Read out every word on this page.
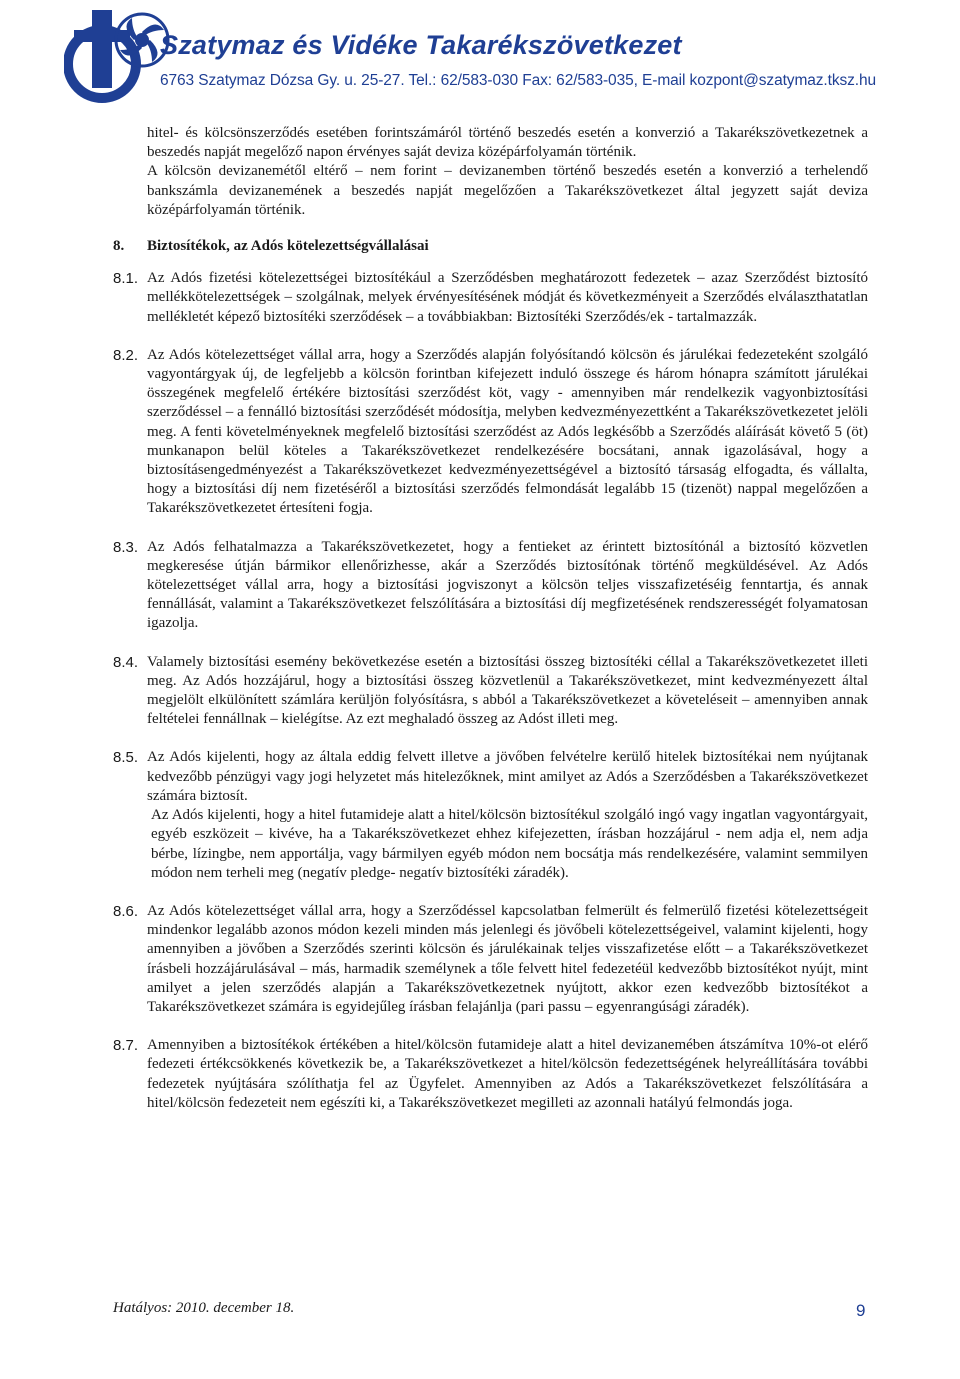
Szatymaz és Vidéke Takarékszövetkezet
6763 Szatymaz Dózsa Gy. u. 25-27. Tel.: 62/583-030 Fax: 62/583-035, E-mail kozpont@szatymaz.tksz.hu

hitel- és kölcsönszerződés esetében forintszámáról történő beszedés esetén a konverzió a Takarékszövetkezetnek a beszedés napját megelőző napon érvényes saját deviza középárfolyamán történik.

A kölcsön devizanemétől eltérő – nem forint – devizanemben történő beszedés esetén a konverzió a terhelendő bankszámla devizanemének a beszedés napját megelőzően a Takarékszövetkezet által jegyzett saját deviza középárfolyamán történik.

8. Biztosítékok, az Adós kötelezettségvállalásai
8.1. Az Adós fizetési kötelezettségei biztosítékául a Szerződésben meghatározott fedezetek – azaz Szerződést biztosító mellékkötelezettségek – szolgálnak, melyek érvényesítésének módját és következményeit a Szerződés elválaszthatatlan mellékletét képező biztosítéki szerződések – a továbbiakban: Biztosítéki Szerződés/ek - tartalmazzák.

8.2. Az Adós kötelezettséget vállal arra, hogy a Szerződés alapján folyósítandó kölcsön és járulékai fedezeteként szolgáló vagyontárgyak új, de legfeljebb a kölcsön forintban kifejezett induló összege és három hónapra számított járulékai összegének megfelelő értékére biztosítási szerződést köt, vagy - amennyiben már rendelkezik vagyonbiztosítási szerződéssel – a fennálló biztosítási szerződését módosítja, melyben kedvezményezettként a Takarékszövetkezetet jelöli meg. A fenti követelményeknek megfelelő biztosítási szerződést az Adós legkésőbb a Szerződés aláírását követő 5 (öt) munkanapon belül köteles a Takarékszövetkezet rendelkezésére bocsátani, annak igazolásával, hogy a biztosításengedményezést a Takarékszövetkezet kedvezményezettségével a biztosító társaság elfogadta, és vállalta, hogy a biztosítási díj nem fizetéséről a biztosítási szerződés felmondását legalább 15 (tizenöt) nappal megelőzően a Takarékszövetkezetet értesíteni fogja.

8.3. Az Adós felhatalmazza a Takarékszövetkezetet, hogy a fentieket az érintett biztosítónál a biztosító közvetlen megkeresése útján bármikor ellenőrizhesse, akár a Szerződés biztosítónak történő megküldésével. Az Adós kötelezettséget vállal arra, hogy a biztosítási jogviszonyt a kölcsön teljes visszafizetéséig fenntartja, és annak fennállását, valamint a Takarékszövetkezet felszólítására a biztosítási díj megfizetésének rendszerességét folyamatosan igazolja.

8.4. Valamely biztosítási esemény bekövetkezése esetén a biztosítási összeg biztosítéki céllal a Takarékszövetkezetet illeti meg. Az Adós hozzájárul, hogy a biztosítási összeg közvetlenül a Takarékszövetkezet, mint kedvezményezett által megjelölt elkülönített számlára kerüljön folyósításra, s abból a Takarékszövetkezet a követeléseit – amennyiben annak feltételei fennállnak – kielégítse. Az ezt meghaladó összeg az Adóst illeti meg.

8.5. Az Adós kijelenti, hogy az általa eddig felvett illetve a jövőben felvételre kerülő hitelek biztosítékai nem nyújtanak kedvezőbb pénzügyi vagy jogi helyzetet más hitelezőknek, mint amilyet az Adós a Szerződésben a Takarékszövetkezet számára biztosít.

Az Adós kijelenti, hogy a hitel futamideje alatt a hitel/kölcsön biztosítékul szolgáló ingó vagy ingatlan vagyontárgyait, egyéb eszközeit – kivéve, ha a Takarékszövetkezet ehhez kifejezetten, írásban hozzájárul - nem adja el, nem adja bérbe, lízingbe, nem apportálja, vagy bármilyen egyéb módon nem bocsátja más rendelkezésére, valamint semmilyen módon nem terheli meg (negatív pledge- negatív biztosítéki záradék).

8.6. Az Adós kötelezettséget vállal arra, hogy a Szerződéssel kapcsolatban felmerült és felmerülő fizetési kötelezettségeit mindenkor legalább azonos módon kezeli minden más jelenlegi és jövőbeli kötelezettségeivel, valamint kijelenti, hogy amennyiben a jövőben a Szerződés szerinti kölcsön és járulékainak teljes visszafizetése előtt – a Takarékszövetkezet írásbeli hozzájárulásával – más, harmadik személynek a tőle felvett hitel fedezetéül kedvezőbb biztosítékot nyújt, mint amilyet a jelen szerződés alapján a Takarékszövetkezetnek nyújtott, akkor ezen kedvezőbb biztosítékot a Takarékszövetkezet számára is egyidejűleg írásban felajánlja (pari passu – egyenrangúsági záradék).

8.7. Amennyiben a biztosítékok értékében a hitel/kölcsön futamideje alatt a hitel devizanemében átszámítva 10%-ot elérő fedezeti értékcsökkenés következik be, a Takarékszövetkezet a hitel/kölcsön fedezettségének helyreállítására további fedezetek nyújtására szólíthatja fel az Ügyfelet. Amennyiben az Adós a Takarékszövetkezet felszólítására a hitel/kölcsön fedezeteit nem egészíti ki, a Takarékszövetkezet megilleti az azonnali hatályú felmondás joga.

Hatályos: 2010. december 18.	9
